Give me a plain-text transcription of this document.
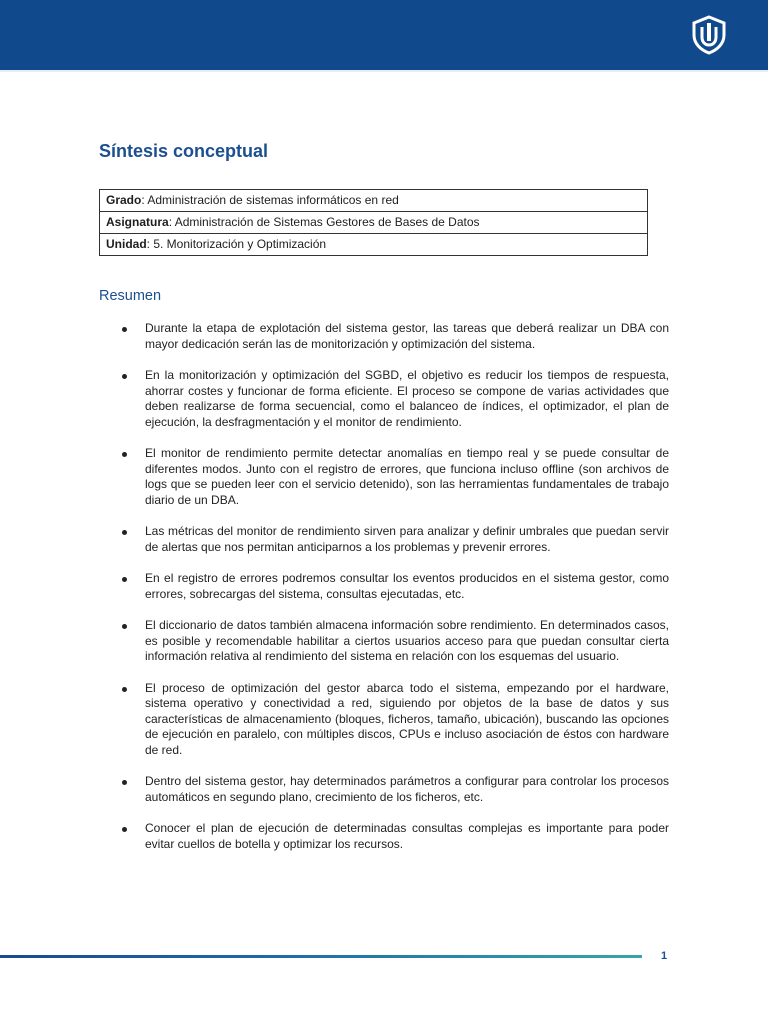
Síntesis conceptual
Grado: Administración de sistemas informáticos en red
Asignatura: Administración de Sistemas Gestores de Bases de Datos
Unidad: 5. Monitorización y Optimización
Resumen
Durante la etapa de explotación del sistema gestor, las tareas que deberá realizar un DBA con mayor dedicación serán las de monitorización y optimización del sistema.
En la monitorización y optimización del SGBD, el objetivo es reducir los tiempos de respuesta, ahorrar costes y funcionar de forma eficiente. El proceso se compone de varias actividades que deben realizarse de forma secuencial, como el balanceo de índices, el optimizador, el plan de ejecución, la desfragmentación y el monitor de rendimiento.
El monitor de rendimiento permite detectar anomalías en tiempo real y se puede consultar de diferentes modos. Junto con el registro de errores, que funciona incluso offline (son archivos de logs que se pueden leer con el servicio detenido), son las herramientas fundamentales de trabajo diario de un DBA.
Las métricas del monitor de rendimiento sirven para analizar y definir umbrales que puedan servir de alertas que nos permitan anticiparnos a los problemas y prevenir errores.
En el registro de errores podremos consultar los eventos producidos en el sistema gestor, como errores, sobrecargas del sistema, consultas ejecutadas, etc.
El diccionario de datos también almacena información sobre rendimiento. En determinados casos, es posible y recomendable habilitar a ciertos usuarios acceso para que puedan consultar cierta información relativa al rendimiento del sistema en relación con los esquemas del usuario.
El proceso de optimización del gestor abarca todo el sistema, empezando por el hardware, sistema operativo y conectividad a red, siguiendo por objetos de la base de datos y sus características de almacenamiento (bloques, ficheros, tamaño, ubicación), buscando las opciones de ejecución en paralelo, con múltiples discos, CPUs e incluso asociación de éstos con hardware de red.
Dentro del sistema gestor, hay determinados parámetros a configurar para controlar los procesos automáticos en segundo plano, crecimiento de los ficheros, etc.
Conocer el plan de ejecución de determinadas consultas complejas es importante para poder evitar cuellos de botella y optimizar los recursos.
1
